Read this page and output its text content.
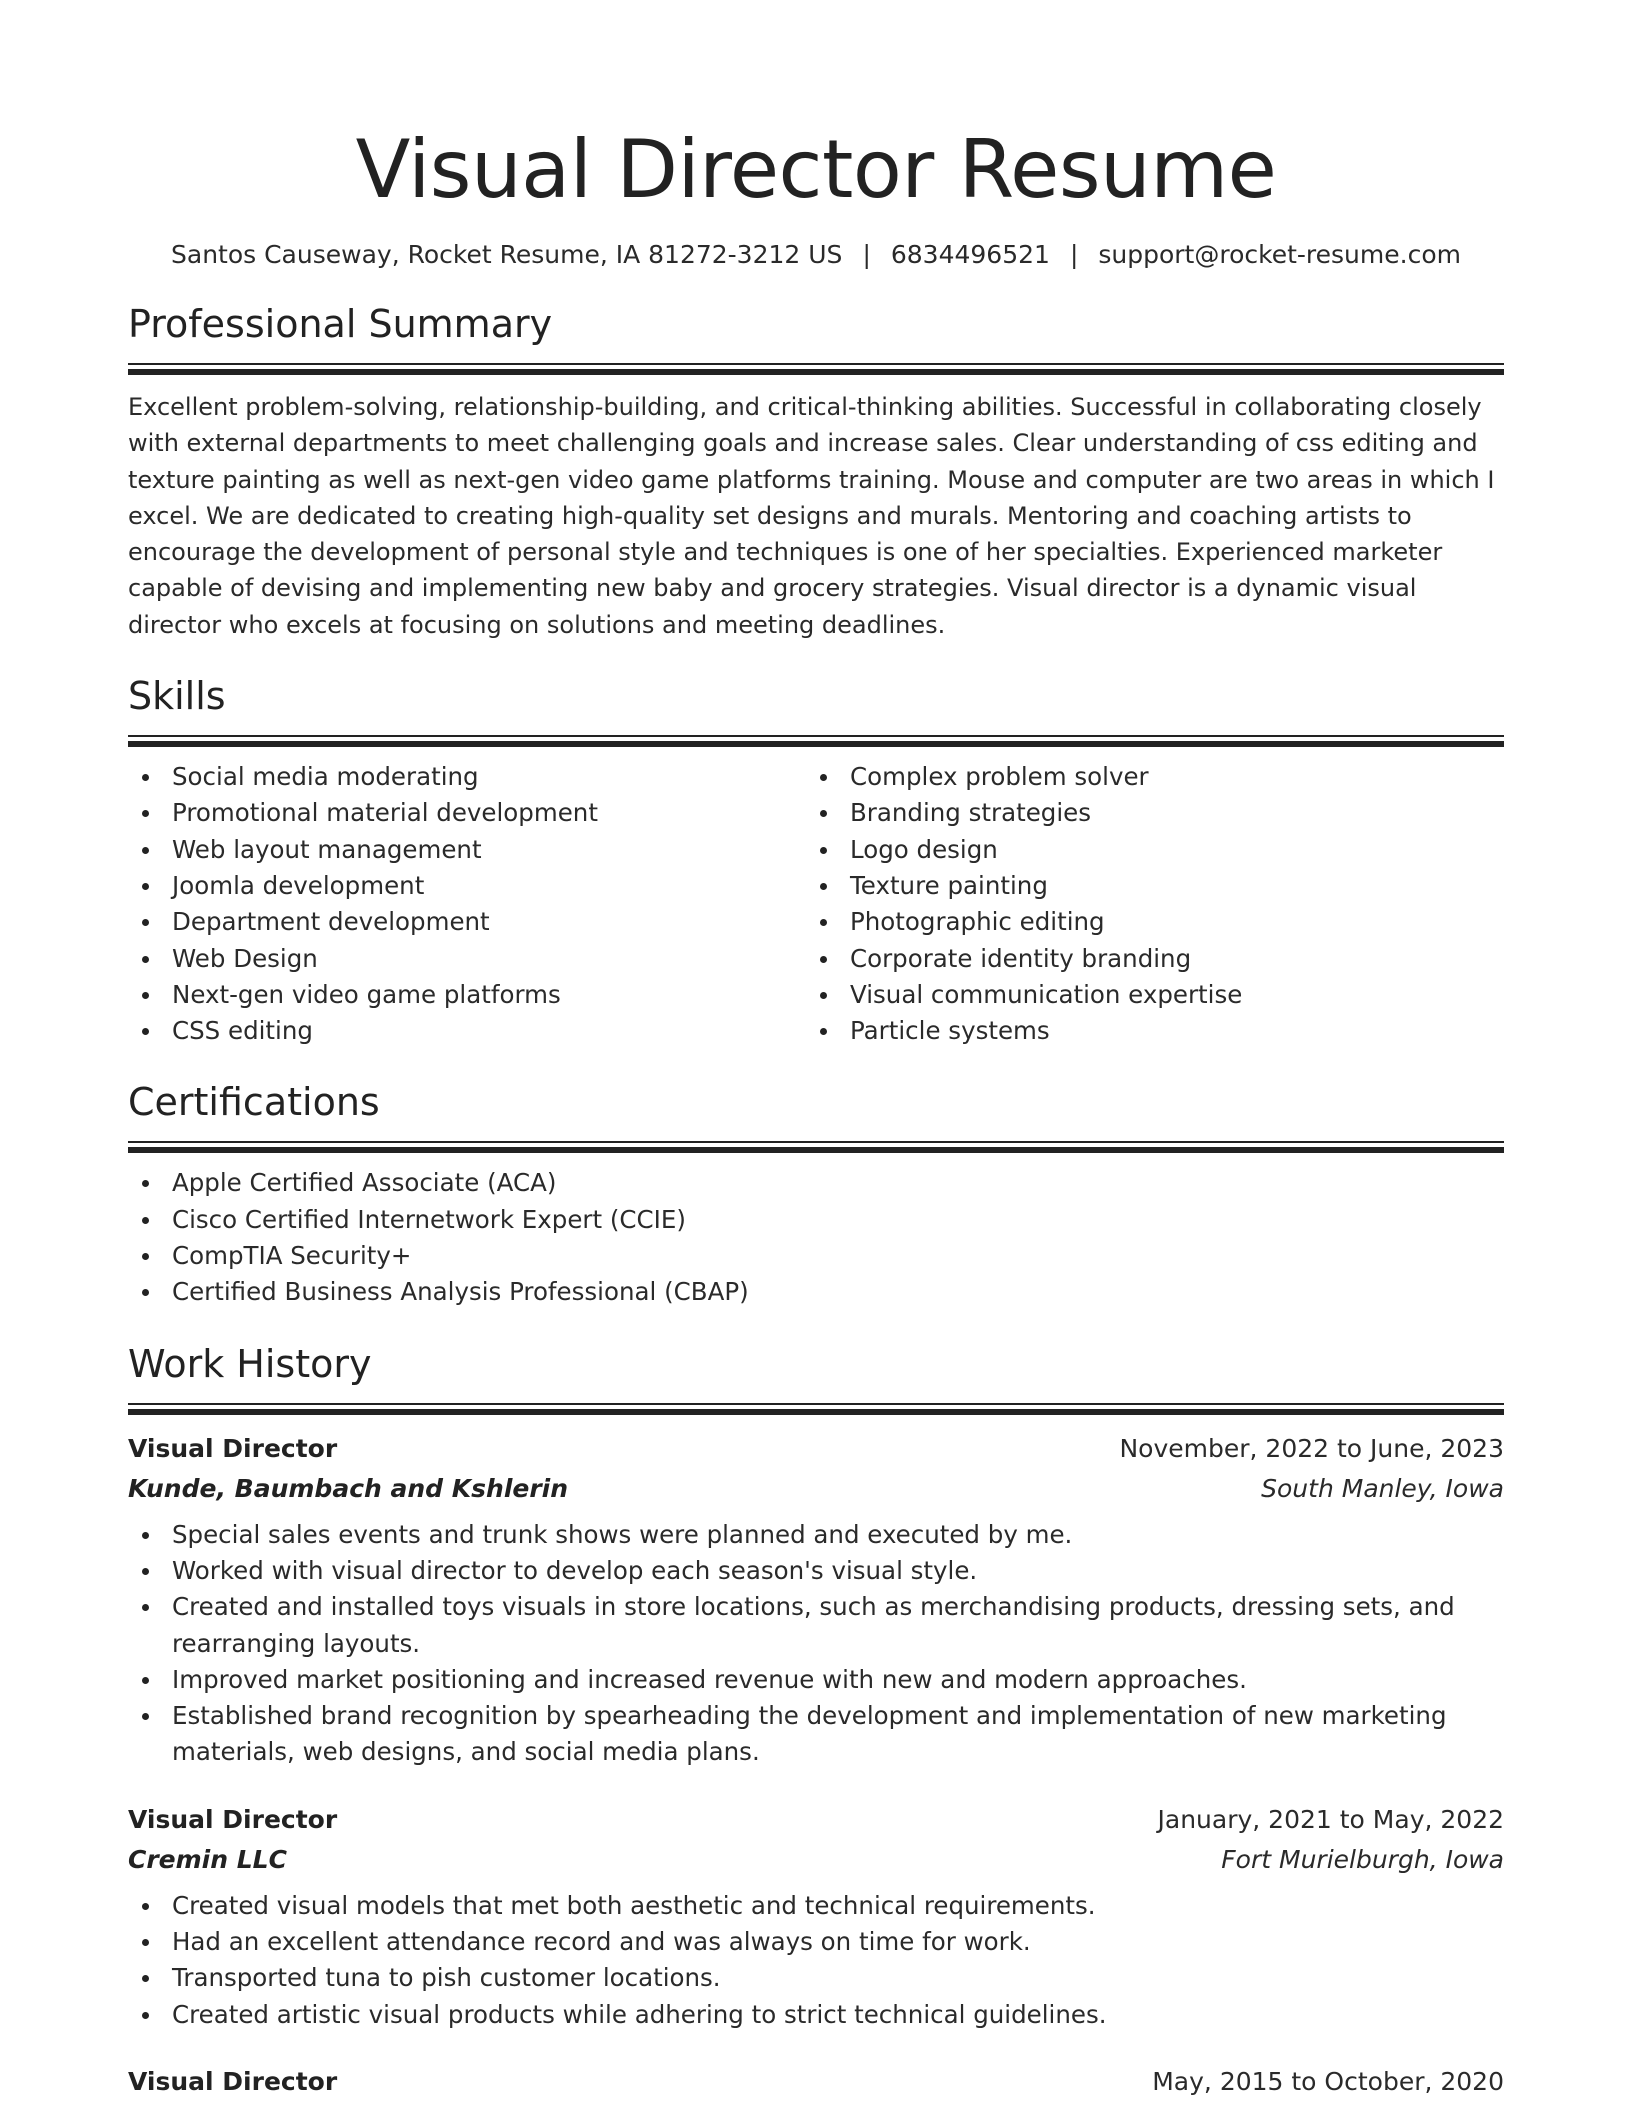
Visual Director Resume
Santos Causeway, Rocket Resume, IA 81272-3212 US | 6834496521 | support@rocket-resume.com
Professional Summary
Excellent problem-solving, relationship-building, and critical-thinking abilities. Successful in collaborating closely with external departments to meet challenging goals and increase sales. Clear understanding of css editing and texture painting as well as next-gen video game platforms training. Mouse and computer are two areas in which I excel. We are dedicated to creating high-quality set designs and murals. Mentoring and coaching artists to encourage the development of personal style and techniques is one of her specialties. Experienced marketer capable of devising and implementing new baby and grocery strategies. Visual director is a dynamic visual director who excels at focusing on solutions and meeting deadlines.
Skills
Social media moderating
Promotional material development
Web layout management
Joomla development
Department development
Web Design
Next-gen video game platforms
CSS editing
Complex problem solver
Branding strategies
Logo design
Texture painting
Photographic editing
Corporate identity branding
Visual communication expertise
Particle systems
Certifications
Apple Certified Associate (ACA)
Cisco Certified Internetwork Expert (CCIE)
CompTIA Security+
Certified Business Analysis Professional (CBAP)
Work History
Visual Director	November, 2022 to June, 2023
Kunde, Baumbach and Kshlerin	South Manley, Iowa
Special sales events and trunk shows were planned and executed by me.
Worked with visual director to develop each season's visual style.
Created and installed toys visuals in store locations, such as merchandising products, dressing sets, and rearranging layouts.
Improved market positioning and increased revenue with new and modern approaches.
Established brand recognition by spearheading the development and implementation of new marketing materials, web designs, and social media plans.
Visual Director	January, 2021 to May, 2022
Cremin LLC	Fort Murielburgh, Iowa
Created visual models that met both aesthetic and technical requirements.
Had an excellent attendance record and was always on time for work.
Transported tuna to pish customer locations.
Created artistic visual products while adhering to strict technical guidelines.
Visual Director	May, 2015 to October, 2020
